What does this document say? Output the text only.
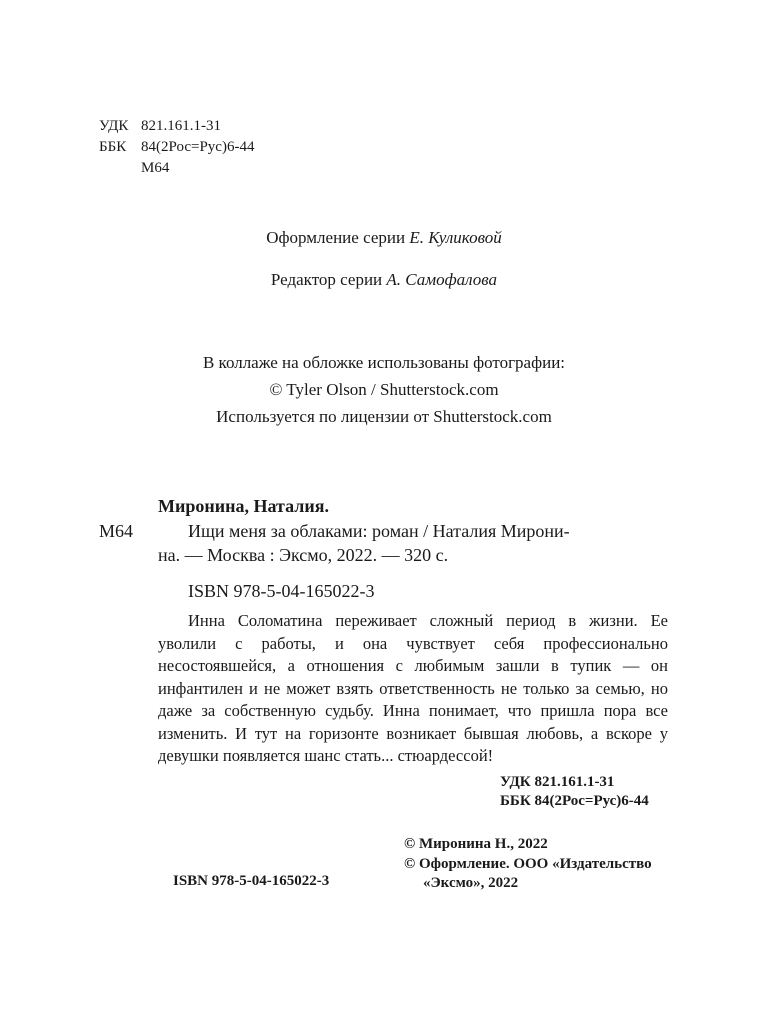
УДК 821.161.1-31
ББК 84(2Рос=Рус)6-44
М64
Оформление серии Е. Куликовой
Редактор серии А. Самофалова
В коллаже на обложке использованы фотографии:
© Tyler Olson / Shutterstock.com
Используется по лицензии от Shutterstock.com
Миронина, Наталия.
М64	Ищи меня за облаками: роман / Наталия Мирони-
на. — Москва : Эксмо, 2022. — 320 с.
ISBN 978-5-04-165022-3
Инна Соломатина переживает сложный период в жизни. Ее уволили с работы, и она чувствует себя профессионально несостоявшейся, а отношения с любимым зашли в тупик — он инфантилен и не может взять ответственность не только за семью, но даже за собственную судьбу. Инна понимает, что пришла пора все изменить. И тут на горизонте возникает бывшая любовь, а вскоре у девушки появляется шанс стать... стюардессой!
УДК 821.161.1-31
ББК 84(2Рос=Рус)6-44
ISBN 978-5-04-165022-3
© Миронина Н., 2022
© Оформление. ООО «Издательство
«Эксмо», 2022
